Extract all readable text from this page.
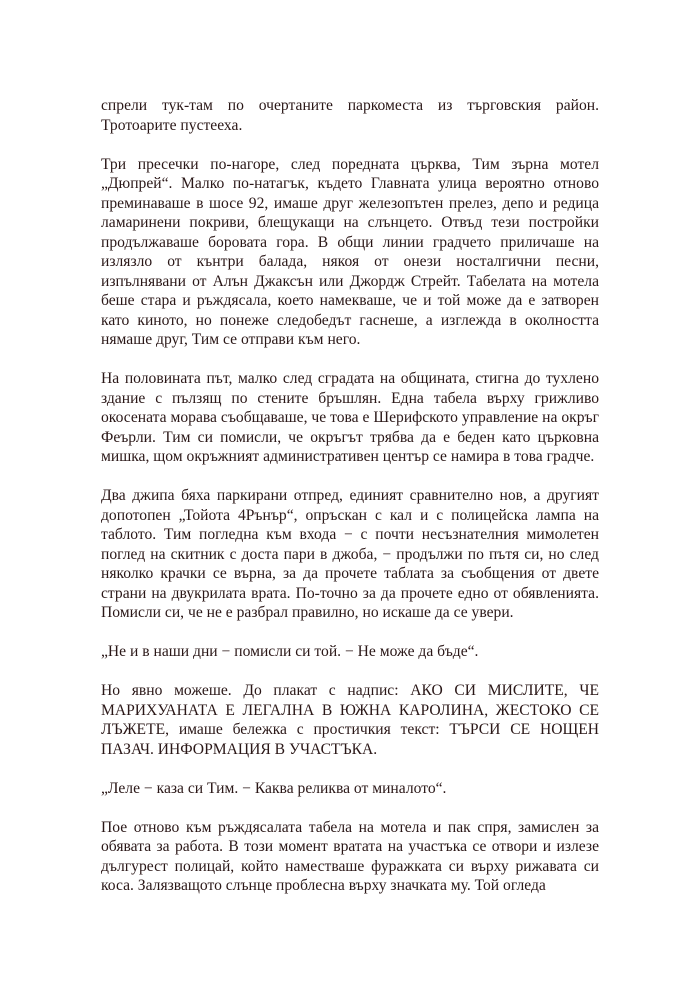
спрели тук-там по очертаните паркоместа из търговския район. Тротоарите пустееха.

Три пресечки по-нагоре, след поредната църква, Тим зърна мотел „Дюпрей“. Малко по-натагък, където Главната улица вероятно отново преминаваше в шосе 92, имаше друг железопътен прелез, депо и редица ламаринени покриви, блещукащи на слънцето. Отвъд тези постройки продължаваше боровата гора. В общи линии градчето приличаше на излязло от кънтри балада, някоя от онези носталгични песни, изпълнявани от Алън Джаксън или Джордж Стрейт. Табелата на мотела беше стара и ръждясала, което намекваше, че и той може да е затворен като киното, но понеже следобедът гаснеше, а изглежда в околността нямаше друг, Тим се отправи към него.

На половината път, малко след сградата на общината, стигна до тухлено здание с пълзящ по стените бръшлян. Една табела върху грижливо окосената морава съобщаваше, че това е Шерифското управление на окръг Феърли. Тим си помисли, че окръгът трябва да е беден като църковна мишка, щом окръжният административен център се намира в това градче.

Два джипа бяха паркирани отпред, единият сравнително нов, а другият допотопен „Тойота 4Рънър“, опръскан с кал и с полицейска лампа на таблото. Тим погледна към входа − с почти несъзнателния мимолетен поглед на скитник с доста пари в джоба, − продължи по пътя си, но след няколко крачки се върна, за да прочете таблата за съобщения от двете страни на двукрилата врата. По-точно за да прочете едно от обявленията. Помисли си, че не е разбрал правилно, но искаше да се увери.

„Не и в наши дни − помисли си той. − Не може да бъде“.

Но явно можеше. До плакат с надпис: АКО СИ МИСЛИТЕ, ЧЕ МАРИХУАНАТА Е ЛЕГАЛНА В ЮЖНА КАРОЛИНА, ЖЕСТОКО СЕ ЛЪЖЕТЕ, имаше бележка с простичкия текст: ТЪРСИ СЕ НОЩЕН ПАЗАЧ. ИНФОРМАЦИЯ В УЧАСТЪКА.

„Леле − каза си Тим. − Каква реликва от миналото“.

Пое отново към ръждясалата табела на мотела и пак спря, замислен за обявата за работа. В този момент вратата на участъка се отвори и излезе дългурест полицай, който наместваше фуражката си върху рижавата си коса. Залязващото слънце проблесна върху значката му. Той огледа
